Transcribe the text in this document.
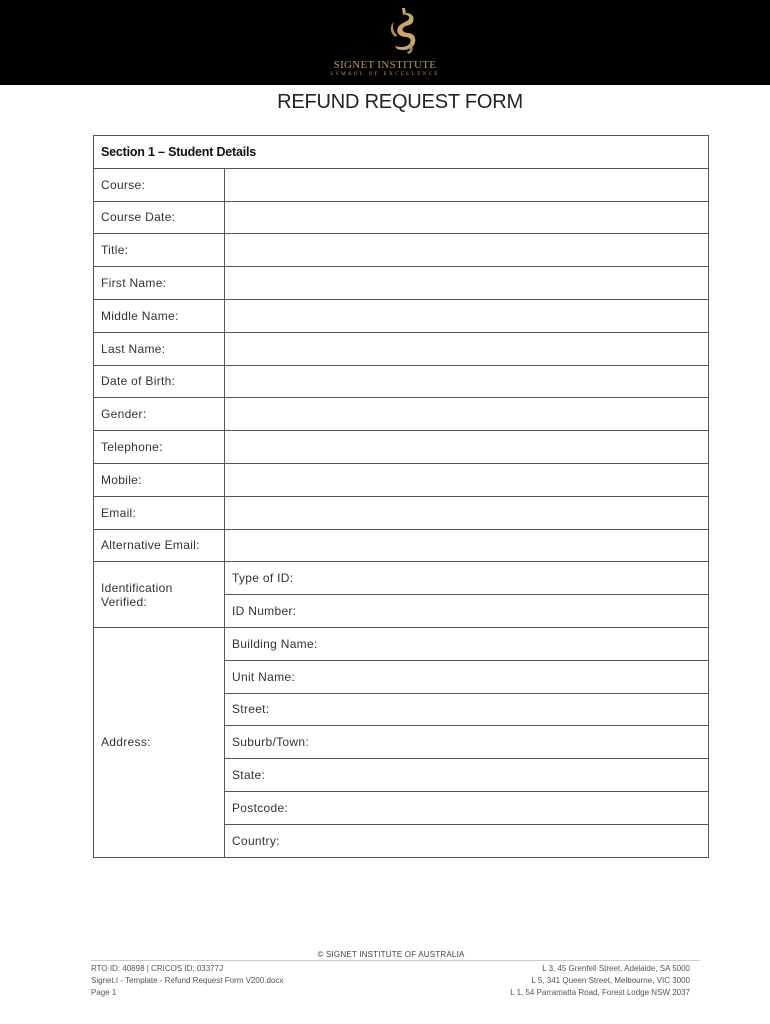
SIGNET INSTITUTE
SYMBOL OF EXCELLENCE
REFUND REQUEST FORM
Section 1 – Student Details	
Course:	
Course Date:	
Title:	
First Name:	
Middle Name:	
Last Name:	
Date of Birth:	
Gender:	
Telephone:	
Mobile:	
Email:	
Alternative Email:	
Identification Verified:	Type of ID:
	ID Number:
Address:	Building Name:
	Unit Name:
	Street:
	Suburb/Town:
	State:
	Postcode:
	Country:
© SIGNET INSTITUTE OF AUSTRALIA
RTO ID: 40898 | CRICOS ID: 03377J
Signet.I - Template - Refund Request Form V200.docx
Page 1
L 3, 45 Grenfell Street, Adelaide, SA 5000
L 5, 341 Queen Street, Melbourne, VIC 3000
L 1, 54 Parramatta Road, Forest Lodge NSW 2037
